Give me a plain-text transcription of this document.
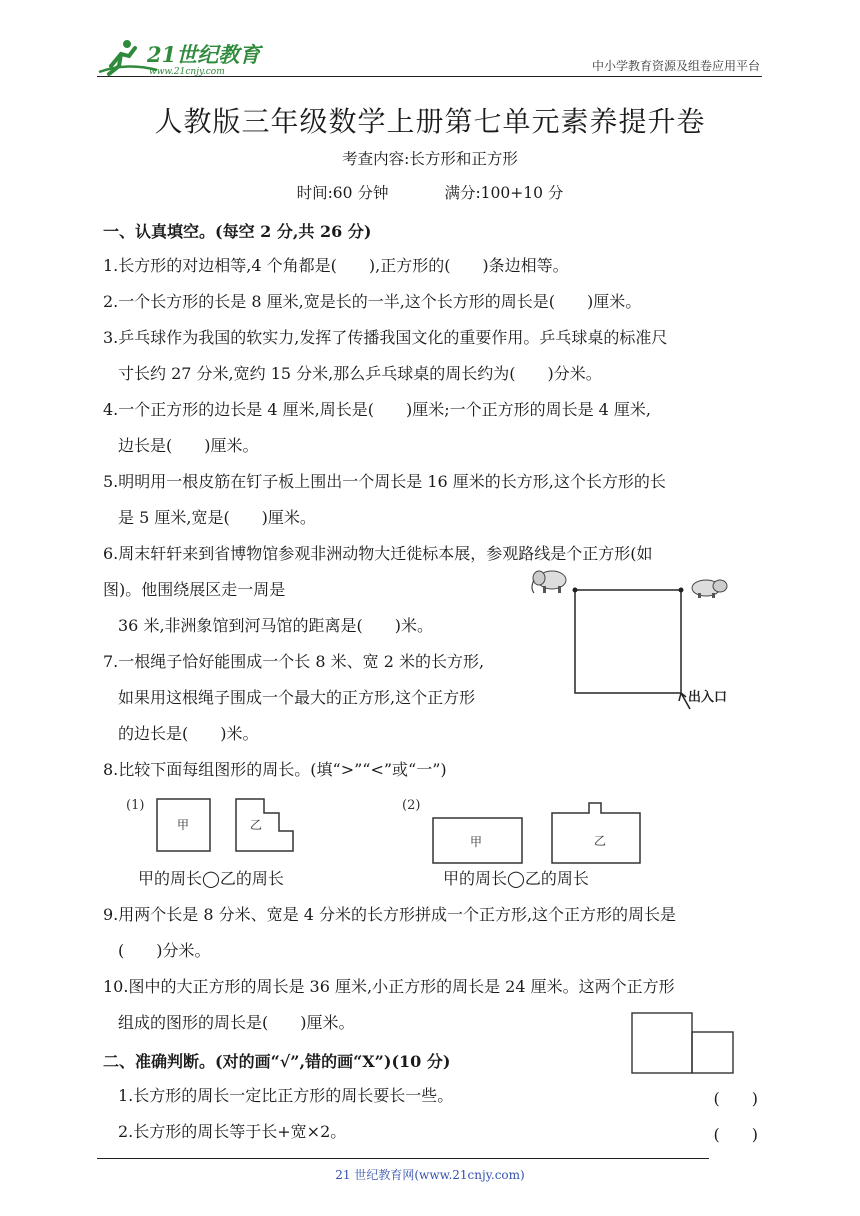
21世纪教育
www.21cnjy.com	中小学教育资源及组卷应用平台
人教版三年级数学上册第七单元素养提升卷
考查内容:长方形和正方形
时间:60 分钟	满分:100+10 分
一、认真填空。(每空 2 分,共 26 分)
1.长方形的对边相等,4 个角都是(　　),正方形的(　　)条边相等。
2.一个长方形的长是 8 厘米,宽是长的一半,这个长方形的周长是(　　)厘米。
3.乒乓球作为我国的软实力,发挥了传播我国文化的重要作用。乒乓球桌的标准尺
寸长约 27 分米,宽约 15 分米,那么乒乓球桌的周长约为(　　)分米。
4.一个正方形的边长是 4 厘米,周长是(　　)厘米;一个正方形的周长是 4 厘米,
边长是(　　)厘米。
5.明明用一根皮筋在钉子板上围出一个周长是 16 厘米的长方形,这个长方形的长
是 5 厘米,宽是(　　)厘米。
6.周末轩轩来到省博物馆参观非洲动物大迁徙标本展，参观路线是个正方形(如
图)。他围绕展区走一周是
36 米,非洲象馆到河马馆的距离是(　　)米。
7.一根绳子恰好能围成一个长 8 米、宽 2 米的长方形,
如果用这根绳子围成一个最大的正方形,这个正方形
的边长是(　　)米。
出入口
8.比较下面每组图形的周长。(填“>”“<”或“一”)
(1)
甲	乙
(2)
甲	乙
甲的周长◯乙的周长	甲的周长◯乙的周长
9.用两个长是 8 分米、宽是 4 分米的长方形拼成一个正方形,这个正方形的周长是
(　　)分米。
10.图中的大正方形的周长是 36 厘米,小正方形的周长是 24 厘米。这两个正方形
组成的图形的周长是(　　)厘米。
二、准确判断。(对的画“√”,错的画“X”)(10 分)
1.长方形的周长一定比正方形的周长要长一些。	(　　)
2.长方形的周长等于长+宽×2。	(　　)
21 世纪教育网(www.21cnjy.com)
